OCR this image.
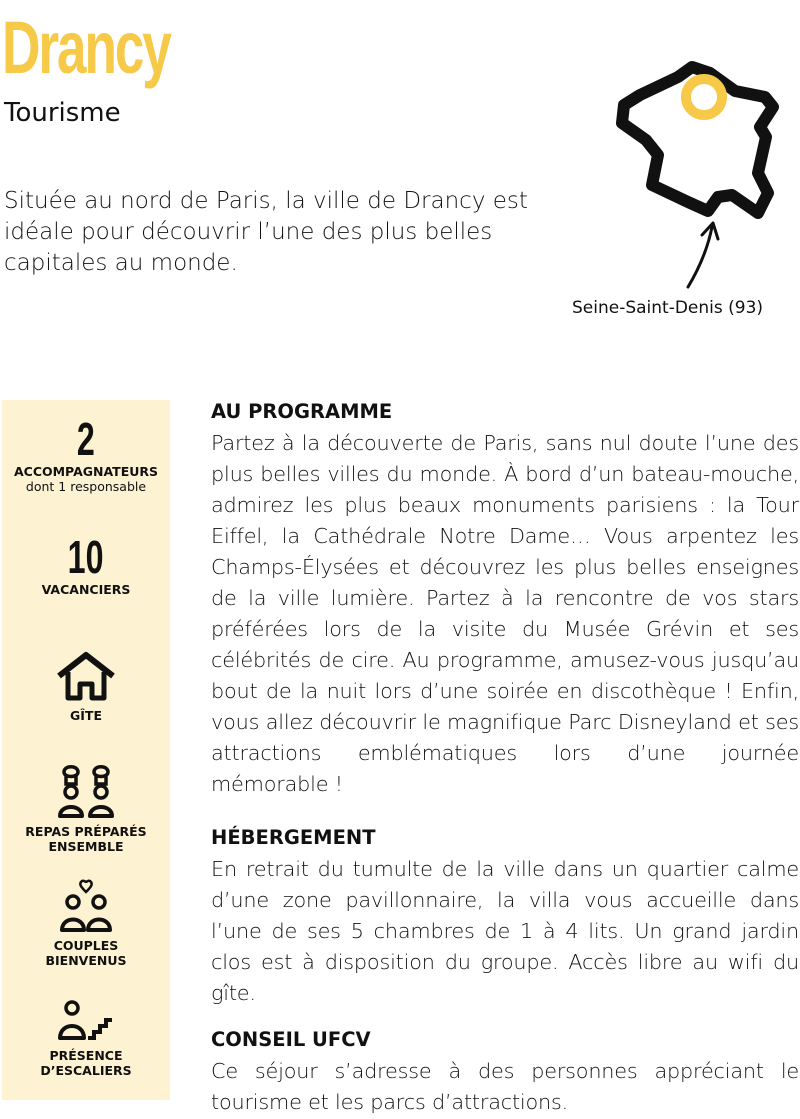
Drancy
Tourisme
Située au nord de Paris, la ville de Drancy est idéale pour découvrir l’une des plus belles capitales au monde.
Seine-Saint-Denis (93)
2
ACCOMPAGNATEURS
dont 1 responsable
10
VACANCIERS
GÎTE
REPAS PRÉPARÉS
ENSEMBLE
COUPLES
BIENVENUS
PRÉSENCE
D’ESCALIERS
AU PROGRAMME

Partez à la découverte de Paris, sans nul doute l’une des plus belles villes du monde. À bord d’un bateau-mouche, admirez les plus beaux monuments parisiens : la Tour Eiffel, la Cathédrale Notre Dame… Vous arpentez les Champs-Élysées et découvrez les plus belles enseignes de la ville lumière. Partez à la rencontre de vos stars préférées lors de la visite du Musée Grévin et ses célébrités de cire. Au programme, amusez-vous jusqu’au bout de la nuit lors d’une soirée en discothèque ! Enfin, vous allez découvrir le magnifique Parc Disneyland et ses attractions emblématiques lors d’une journée mémorable !

HÉBERGEMENT

En retrait du tumulte de la ville dans un quartier calme d’une zone pavillonnaire, la villa vous accueille dans l’une de ses 5 chambres de 1 à 4 lits. Un grand jardin clos est à disposition du groupe. Accès libre au wifi du gîte.

CONSEIL UFCV

Ce séjour s’adresse à des personnes appréciant le tourisme et les parcs d’attractions.
